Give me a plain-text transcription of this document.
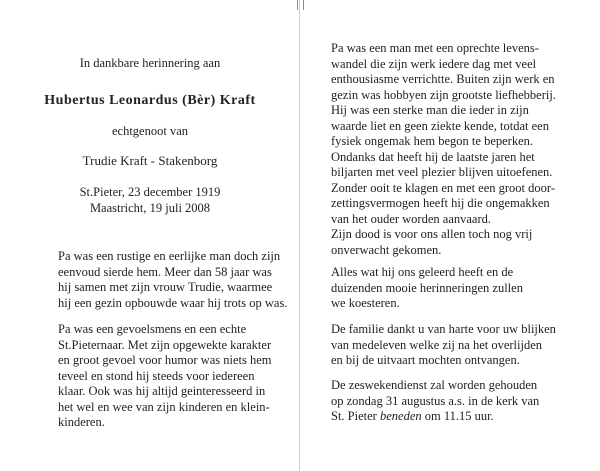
In dankbare herinnering aan
Hubertus Leonardus (Bèr) Kraft
echtgenoot van
Trudie Kraft - Stakenborg
St.Pieter, 23 december 1919
Maastricht, 19 juli 2008
Pa was een rustige en eerlijke man doch zijn
eenvoud sierde hem. Meer dan 58 jaar was
hij samen met zijn vrouw Trudie, waarmee
hij een gezin opbouwde waar hij trots op was.
Pa was een gevoelsmens en een echte
St.Pieternaar. Met zijn opgewekte karakter
en groot gevoel voor humor was niets hem
teveel en stond hij steeds voor iedereen
klaar. Ook was hij altijd geinteresseerd in
het wel en wee van zijn kinderen en klein-
kinderen.
Pa was een man met een oprechte levens-
wandel die zijn werk iedere dag met veel
enthousiasme verrichtte. Buiten zijn werk en
gezin was hobbyen zijn grootste liefhebberij.
Hij was een sterke man die ieder in zijn
waarde liet en geen ziekte kende, totdat een
fysiek ongemak hem begon te beperken.
Ondanks dat heeft hij de laatste jaren het
biljarten met veel plezier blijven uitoefenen.
Zonder ooit te klagen en met een groot door-
zettingsvermogen heeft hij die ongemakken
van het ouder worden aanvaard.
Zijn dood is voor ons allen toch nog vrij
onverwacht gekomen.
Alles wat hij ons geleerd heeft en de
duizenden mooie herinneringen zullen
we koesteren.
De familie dankt u van harte voor uw blijken
van medeleven welke zij na het overlijden
en bij de uitvaart mochten ontvangen.
De zeswekendienst zal worden gehouden
op zondag 31 augustus a.s. in de kerk van
St. Pieter beneden om 11.15 uur.
